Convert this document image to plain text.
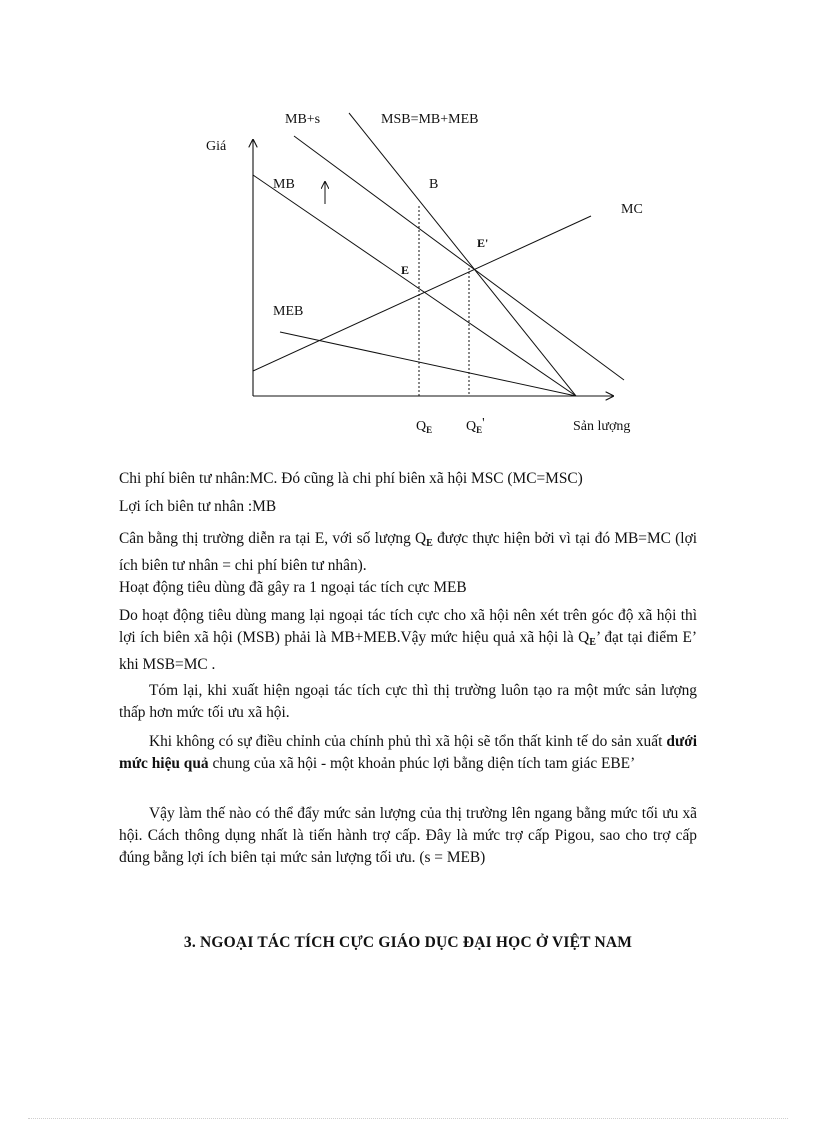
Giá
MB+s	MSB=MB+MEB
MB	B
MC
E'
E
MEB
$Q_E$ $Q_E'$	Sản lượng
Chi phí biên tư nhân:MC. Đó cũng là chi phí biên xã hội MSC (MC=MSC)
Lợi ích biên tư nhân :MB
Cân bằng thị trường diễn ra tại E, với số lượng QE được thực hiện bởi vì tại đó MB=MC (lợi ích biên tư nhân = chi phí biên tư nhân).
Hoạt động tiêu dùng đã gây ra 1 ngoại tác tích cực MEB
Do hoạt động tiêu dùng mang lại ngoại tác tích cực cho xã hội nên xét trên góc độ xã hội thì lợi ích biên xã hội (MSB) phải là MB+MEB.Vậy mức hiệu quả xã hội là QE’ đạt tại điểm E’ khi MSB=MC .
Tóm lại, khi xuất hiện ngoại tác tích cực thì thị trường luôn tạo ra một mức sản lượng thấp hơn mức tối ưu xã hội.
Khi không có sự điều chỉnh của chính phủ thì xã hội sẽ tổn thất kinh tế do sản xuất dưới mức hiệu quả chung của xã hội - một khoản phúc lợi bằng diện tích tam giác EBE’
Vậy làm thế nào có thể đẩy mức sản lượng của thị trường lên ngang bằng mức tối ưu xã hội. Cách thông dụng nhất là tiến hành trợ cấp. Đây là mức trợ cấp Pigou, sao cho trợ cấp đúng bằng lợi ích biên tại mức sản lượng tối ưu. (s = MEB)
3. NGOẠI TÁC TÍCH CỰC GIÁO DỤC ĐẠI HỌC Ở VIỆT NAM
